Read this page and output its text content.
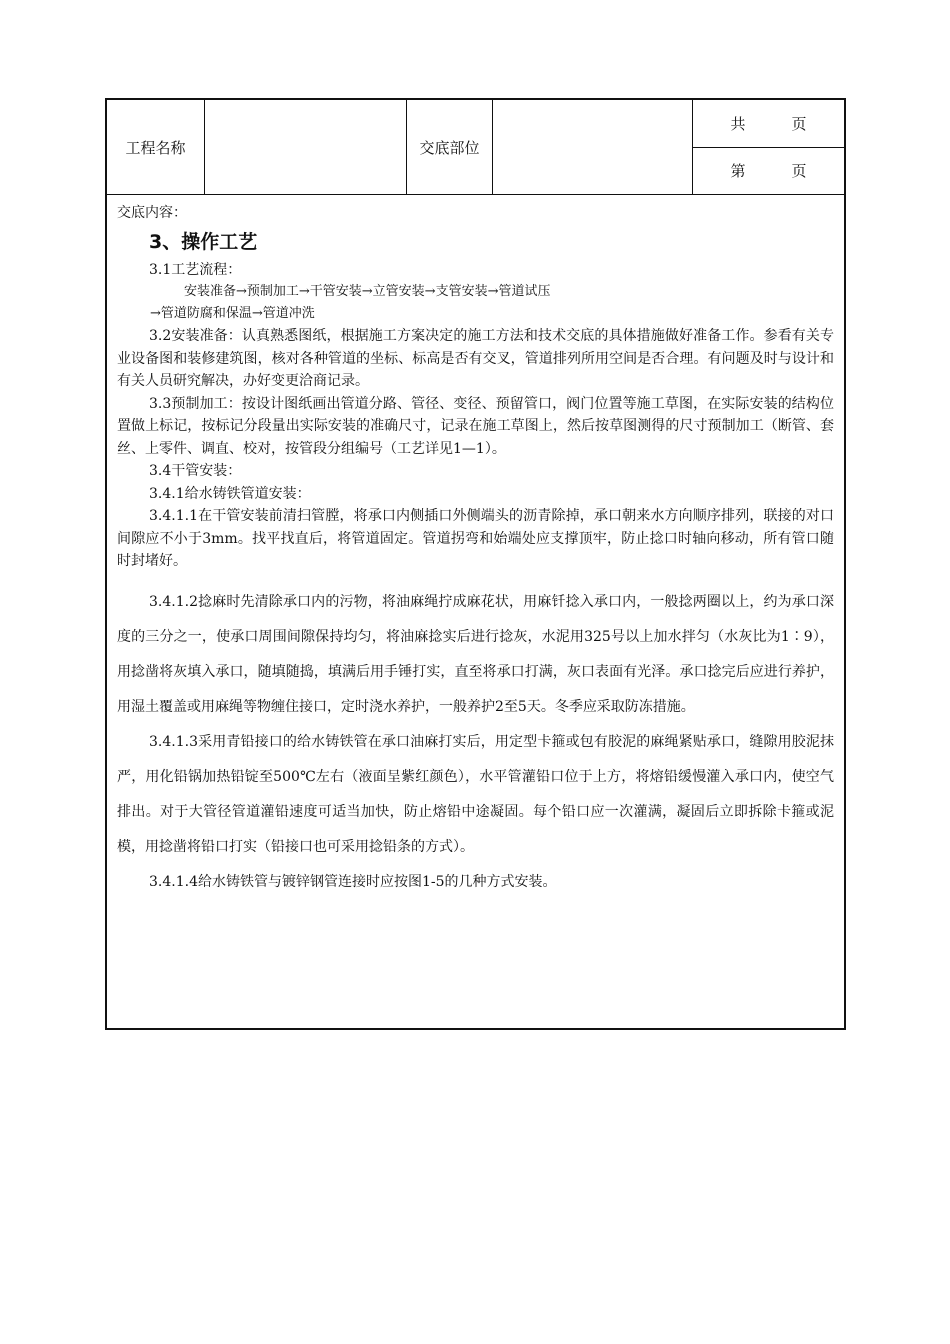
工程名称	交底部位
共	页
第	页

交底内容：

3、操作工艺

3.1工艺流程：

安装准备→预制加工→干管安装→立管安装→支管安装→管道试压

→管道防腐和保温→管道冲洗

3.2安装准备：认真熟悉图纸，根据施工方案决定的施工方法和技术交底的具体措施做好准备工作。参看有关专业设备图和装修建筑图，核对各种管道的坐标、标高是否有交叉，管道排列所用空间是否合理。有问题及时与设计和有关人员研究解决，办好变更洽商记录。

3.3预制加工：按设计图纸画出管道分路、管径、变径、预留管口，阀门位置等施工草图，在实际安装的结构位置做上标记，按标记分段量出实际安装的准确尺寸，记录在施工草图上，然后按草图测得的尺寸预制加工（断管、套丝、上零件、调直、校对，按管段分组编号（工艺详见1—1）。

3.4干管安装：

3.4.1给水铸铁管道安装：

3.4.1.1在干管安装前清扫管膛，将承口内侧插口外侧端头的沥青除掉，承口朝来水方向顺序排列，联接的对口间隙应不小于3mm。找平找直后，将管道固定。管道拐弯和始端处应支撑顶牢，防止捻口时轴向移动，所有管口随时封堵好。

3.4.1.2捻麻时先清除承口内的污物，将油麻绳拧成麻花状，用麻钎捻入承口内，一般捻两圈以上，约为承口深度的三分之一，使承口周围间隙保持均匀，将油麻捻实后进行捻灰，水泥用325号以上加水拌匀（水灰比为1∶9），用捻凿将灰填入承口，随填随捣，填满后用手锤打实，直至将承口打满，灰口表面有光泽。承口捻完后应进行养护，用湿土覆盖或用麻绳等物缠住接口，定时浇水养护，一般养护2至5天。冬季应采取防冻措施。

3.4.1.3采用青铅接口的给水铸铁管在承口油麻打实后，用定型卡箍或包有胶泥的麻绳紧贴承口，缝隙用胶泥抹严，用化铅锅加热铅锭至500℃左右（液面呈紫红颜色），水平管灌铅口位于上方，将熔铅缓慢灌入承口内，使空气排出。对于大管径管道灌铅速度可适当加快，防止熔铅中途凝固。每个铅口应一次灌满，凝固后立即拆除卡箍或泥模，用捻凿将铅口打实（铅接口也可采用捻铅条的方式）。

3.4.1.4给水铸铁管与镀锌钢管连接时应按图1-5的几种方式安装。
